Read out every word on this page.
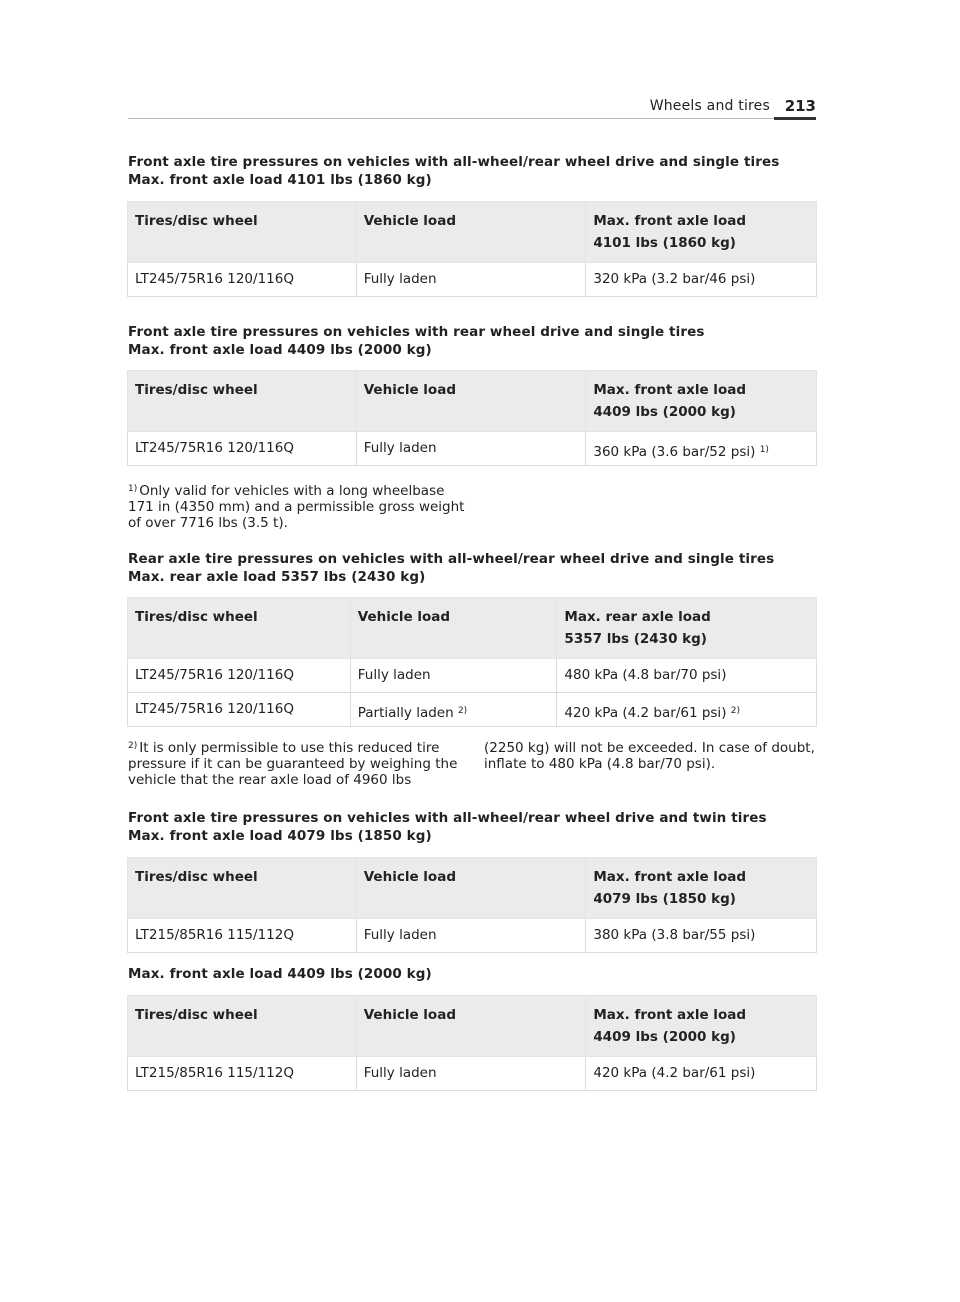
Wheels and tires 213
Front axle tire pressures on vehicles with all-wheel/rear wheel drive and single tires
Max. front axle load 4101 lbs (1860 kg)
Tires/disc wheel	Vehicle load	Max. front axle load
4101 lbs (1860 kg)

LT245/75R16 120/116Q	Fully laden	320 kPa (3.2 bar/46 psi)
Front axle tire pressures on vehicles with rear wheel drive and single tires
Max. front axle load 4409 lbs (2000 kg)
Tires/disc wheel	Vehicle load	Max. front axle load
4409 lbs (2000 kg)

LT245/75R16 120/116Q	Fully laden	360 kPa (3.6 bar/52 psi) $^{1)}$
$^{1)}$ Only valid for vehicles with a long wheelbase
171 in (4350 mm) and a permissible gross weight
of over 7716 lbs (3.5 t).
Rear axle tire pressures on vehicles with all-wheel/rear wheel drive and single tires
Max. rear axle load 5357 lbs (2430 kg)
Tires/disc wheel	Vehicle load	Max. rear axle load
5357 lbs (2430 kg)

LT245/75R16 120/116Q	Fully laden	480 kPa (4.8 bar/70 psi)
LT245/75R16 120/116Q	Partially laden $^{2)}$	420 kPa (4.2 bar/61 psi) $^{2)}$
$^{2)}$ It is only permissible to use this reduced tire
pressure if it can be guaranteed by weighing the
vehicle that the rear axle load of 4960 lbs
(2250 kg) will not be exceeded. In case of doubt,
inflate to 480 kPa (4.8 bar/70 psi).
Front axle tire pressures on vehicles with all-wheel/rear wheel drive and twin tires
Max. front axle load 4079 lbs (1850 kg)
Tires/disc wheel	Vehicle load	Max. front axle load
4079 lbs (1850 kg)

LT215/85R16 115/112Q	Fully laden	380 kPa (3.8 bar/55 psi)
Max. front axle load 4409 lbs (2000 kg)
Tires/disc wheel	Vehicle load	Max. front axle load
4409 lbs (2000 kg)

LT215/85R16 115/112Q	Fully laden	420 kPa (4.2 bar/61 psi)
